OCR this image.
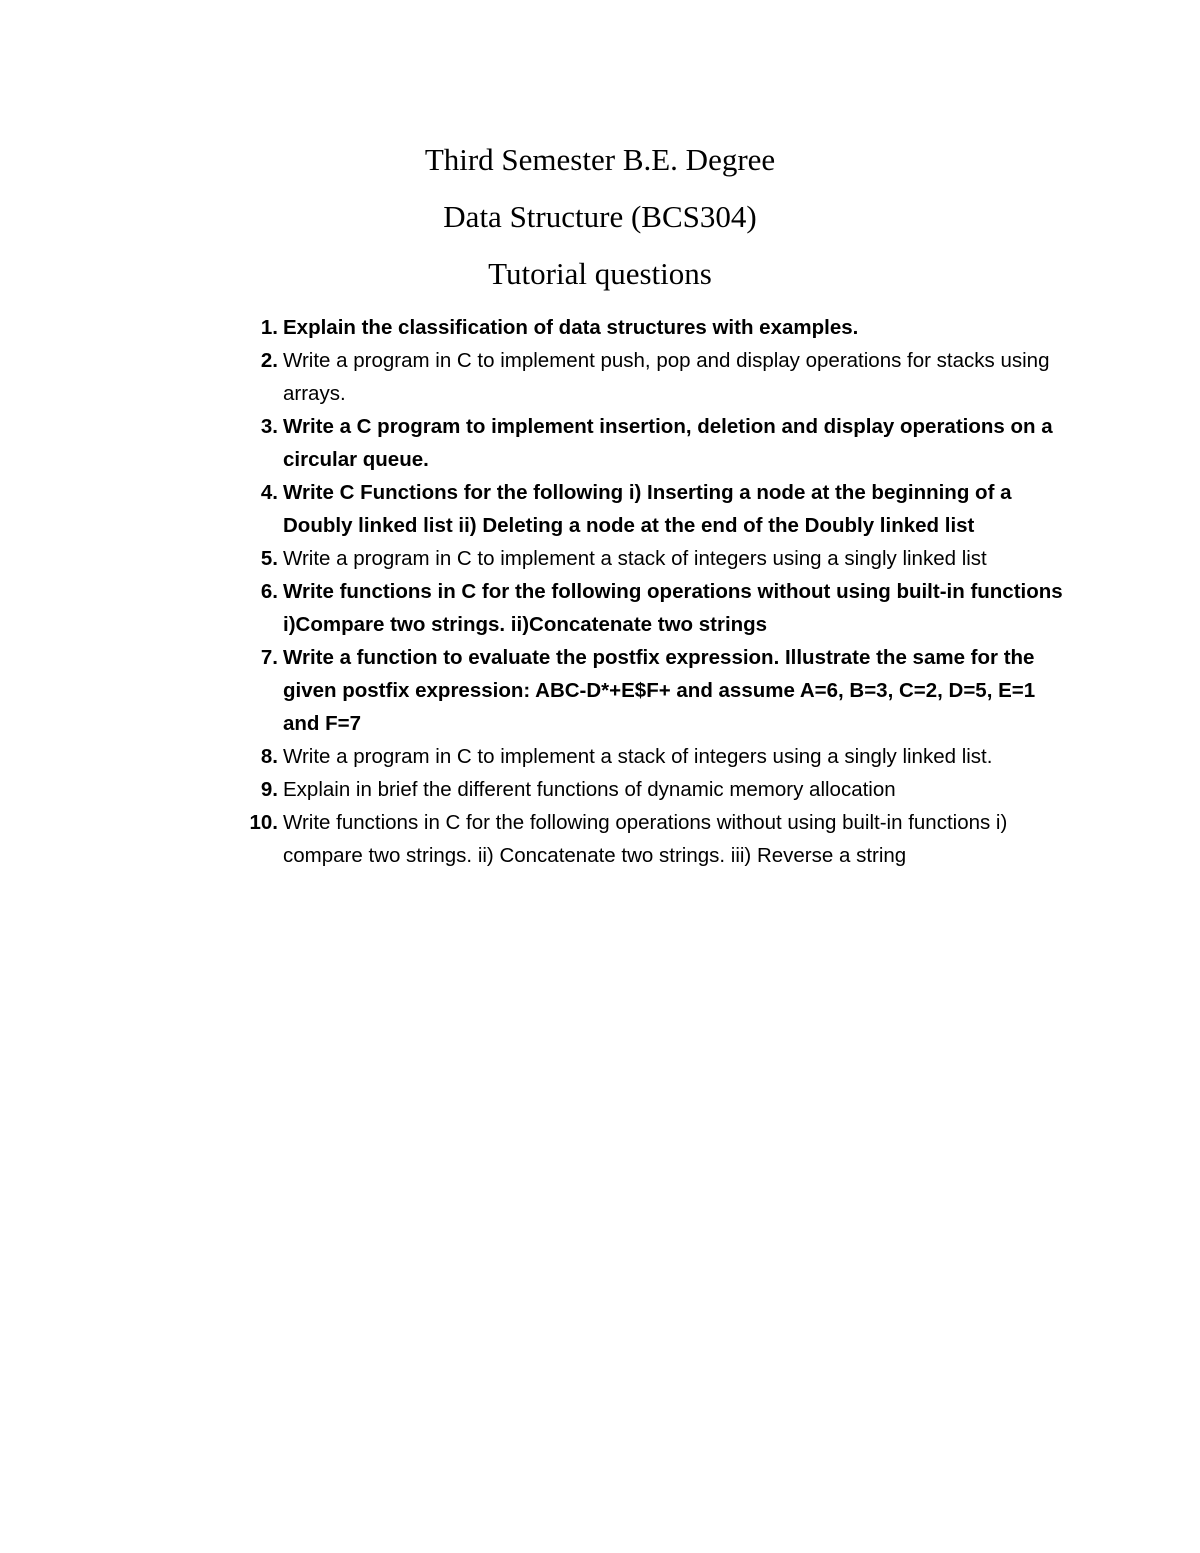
Third Semester B.E. Degree
Data Structure (BCS304)
Tutorial questions
1. Explain the classification of data structures with examples.
2. Write a program in C to implement push, pop and display operations for stacks using arrays.
3. Write a C program to implement insertion, deletion and display operations on a circular queue.
4. Write C Functions for the following i) Inserting a node at the beginning of a Doubly linked list ii) Deleting a node at the end of the Doubly linked list
5. Write a program in C to implement a stack of integers using a singly linked list
6. Write functions in C for the following operations without using built-in functions i)Compare two strings. ii)Concatenate two strings
7. Write a function to evaluate the postfix expression. Illustrate the same for the given postfix expression: ABC-D*+E$F+ and assume A=6, B=3, C=2, D=5, E=1 and F=7
8. Write a program in C to implement a stack of integers using a singly linked list.
9. Explain in brief the different functions of dynamic memory allocation
10. Write functions in C for the following operations without using built-in functions i) compare two strings. ii) Concatenate two strings. iii) Reverse a string
